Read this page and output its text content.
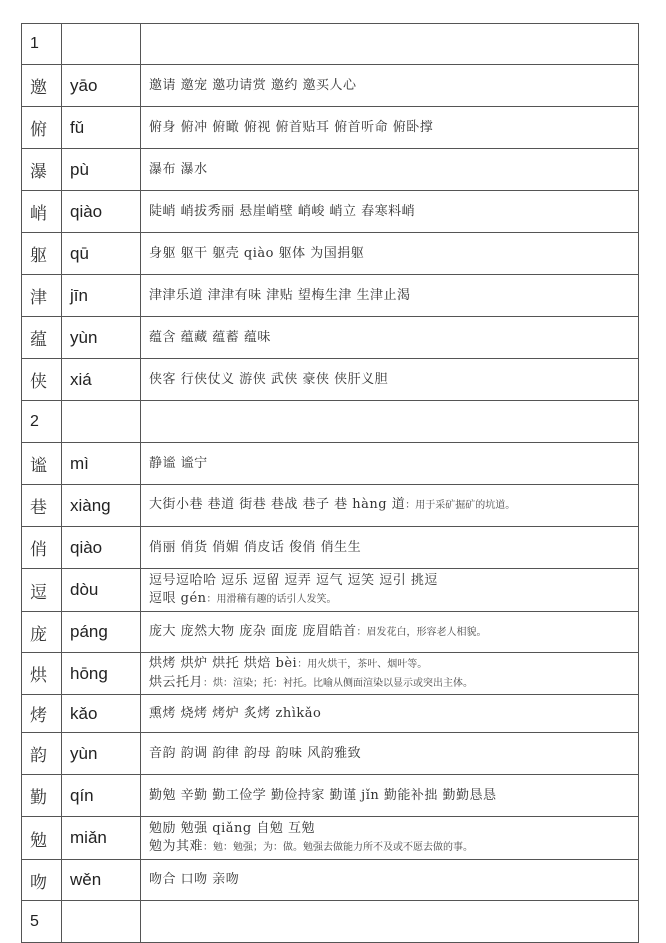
1		
邀	yāo	邀请 邀宠 邀功请赏 邀约 邀买人心

俯	fǔ	俯身 俯冲 俯瞰 俯视 俯首贴耳 俯首听命 俯卧撑

瀑	pù	瀑布 瀑水

峭	qiào	陡峭 峭拔秀丽 悬崖峭壁 峭峻 峭立 春寒料峭

躯	qū	身躯 躯干 躯壳 qiào 躯体 为国捐躯

津	jīn	津津乐道 津津有味 津贴 望梅生津 生津止渴

蕴	yùn	蕴含 蕴藏 蕴蓄 蕴味

侠	xiá	侠客 行侠仗义 游侠 武侠 豪侠 侠肝义胆

2		
谧	mì	静谧 谧宁

巷	xiàng	大街小巷 巷道 街巷 巷战 巷子 巷 hàng 道：用于采矿掘矿的坑道。

俏	qiào	俏丽 俏货 俏媚 俏皮话 俊俏 俏生生

逗	dòu	逗号逗哈哈 逗乐 逗留 逗弄 逗气 逗笑 逗引 挑逗
逗哏 gén：用滑稽有趣的话引人发笑。

庞	páng	庞大 庞然大物 庞杂 面庞 庞眉皓首：眉发花白，形容老人相貌。

烘	hōng	烘烤 烘炉 烘托 烘焙 bèi：用火烘干，茶叶、烟叶等。
烘云托月：烘：渲染；托：衬托。比喻从侧面渲染以显示或突出主体。

烤	kǎo	熏烤 烧烤 烤炉 炙烤 zhìkǎo

韵	yùn	音韵 韵调 韵律 韵母 韵味 风韵雅致

勤	qín	勤勉 辛勤 勤工俭学 勤俭持家 勤谨 jǐn 勤能补拙 勤勤恳恳

勉	miǎn	勉励 勉强 qiǎng 自勉 互勉
勉为其难：勉：勉强；为：做。勉强去做能力所不及或不愿去做的事。

吻	wěn	吻合 口吻 亲吻

5		
